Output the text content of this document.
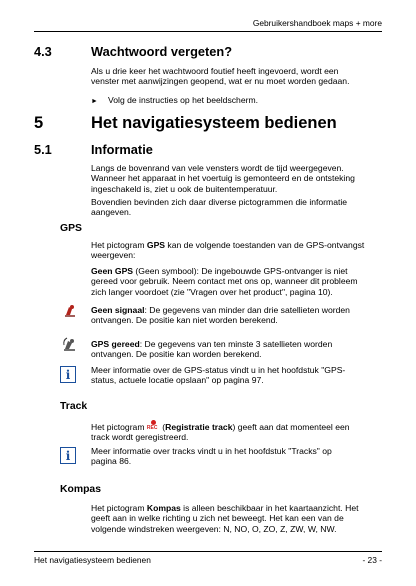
Gebruikershandboek maps + more
4.3	Wachtwoord vergeten?
Als u drie keer het wachtwoord foutief heeft ingevoerd, wordt een
venster met aanwijzingen geopend, wat er nu moet worden gedaan.
► Volg de instructies op het beeldscherm.
5	Het navigatiesysteem bedienen
5.1	Informatie
Langs de bovenrand van vele vensters wordt de tijd weergegeven.
Wanneer het apparaat in het voertuig is gemonteerd en de ontsteking
ingeschakeld is, ziet u ook de buitentemperatuur.
Bovendien bevinden zich daar diverse pictogrammen die informatie
aangeven.
GPS
Het pictogram GPS kan de volgende toestanden van de GPS-ontvangst
weergeven:
Geen GPS (Geen symbool): De ingebouwde GPS-ontvanger is niet
gereed voor gebruik. Neem contact met ons op, wanneer dit probleem
zich langer voordoet (zie "Vragen over het product", pagina 10).
Geen signaal: De gegevens van minder dan drie satellieten worden
ontvangen. De positie kan niet worden berekend.
GPS gereed: De gegevens van ten minste 3 satellieten worden
ontvangen. De positie kan worden berekend.
i Meer informatie over de GPS-status vindt u in het hoofdstuk "GPS-
status, actuele locatie opslaan" op pagina 97.
Track
Het pictogram REC (Registratie track) geeft aan dat momenteel een
track wordt geregistreerd.
i Meer informatie over tracks vindt u in het hoofdstuk "Tracks" op
pagina 86.
Kompas
Het pictogram Kompas is alleen beschikbaar in het kaartaanzicht. Het
geeft aan in welke richting u zich net beweegt. Het kan een van de
volgende windstreken weergeven: N, NO, O, ZO, Z, ZW, W, NW.
Het navigatiesysteem bedienen	- 23 -
